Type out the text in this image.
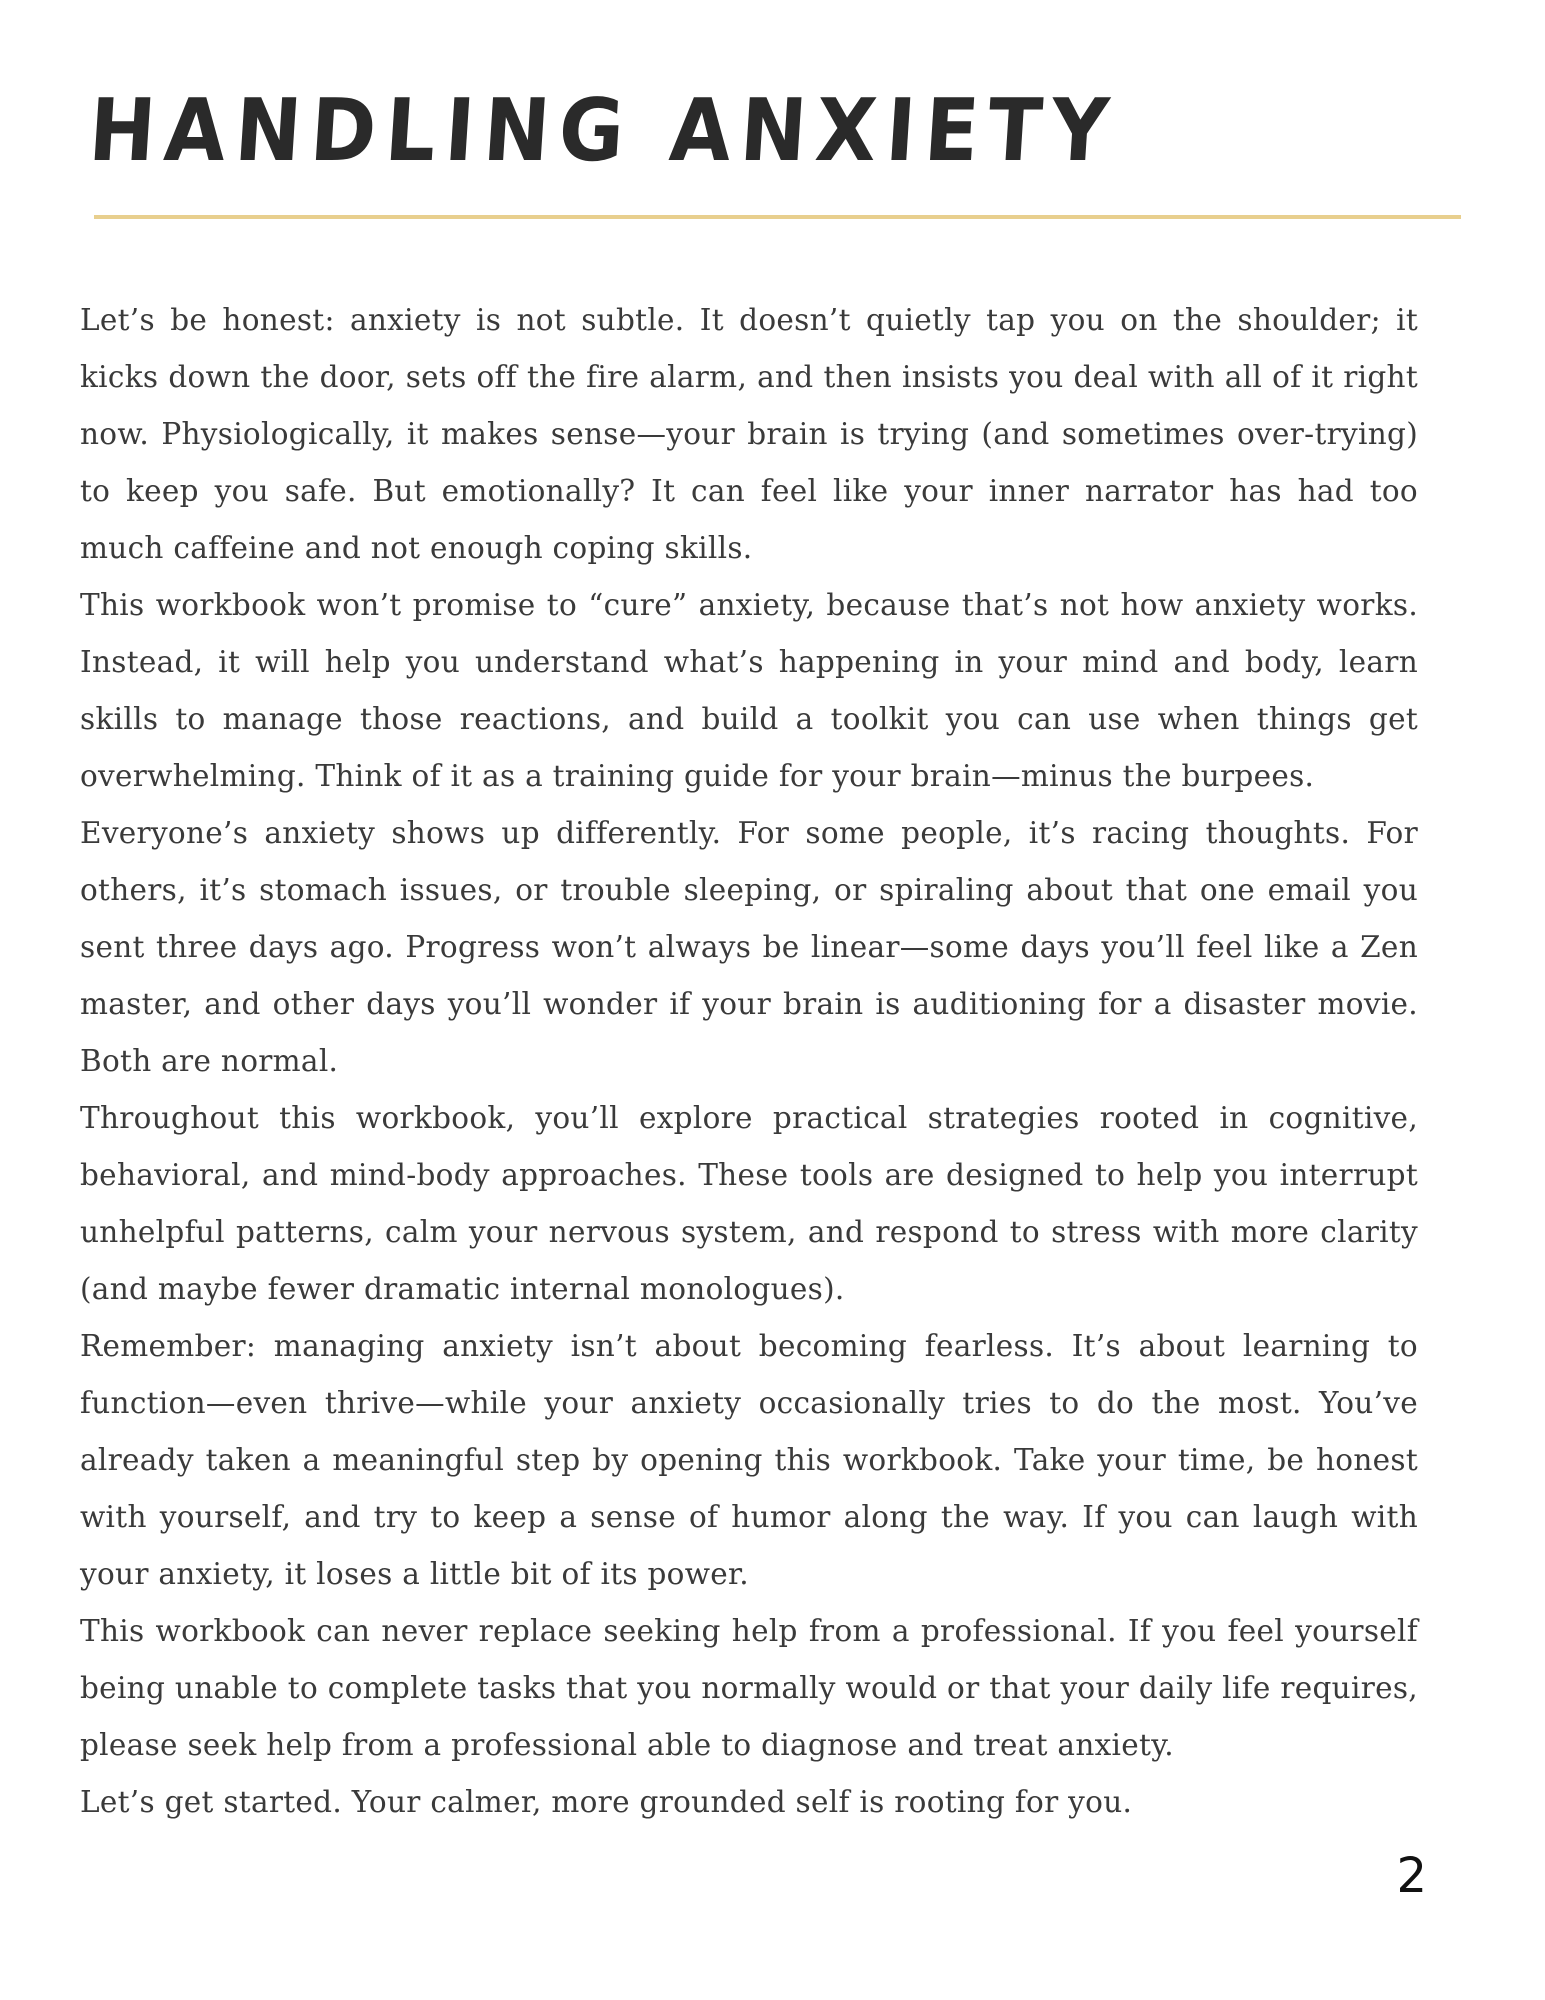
HANDLING ANXIETY

Let’s be honest: anxiety is not subtle. It doesn’t quietly tap you on the shoulder; it kicks down the door, sets off the fire alarm, and then insists you deal with all of it right now. Physiologically, it makes sense—your brain is trying (and sometimes over-trying) to keep you safe. But emotionally? It can feel like your inner narrator has had too much caffeine and not enough coping skills.

This workbook won’t promise to “cure” anxiety, because that’s not how anxiety works. Instead, it will help you understand what’s happening in your mind and body, learn skills to manage those reactions, and build a toolkit you can use when things get overwhelming. Think of it as a training guide for your brain—minus the burpees.

Everyone’s anxiety shows up differently. For some people, it’s racing thoughts. For others, it’s stomach issues, or trouble sleeping, or spiraling about that one email you sent three days ago. Progress won’t always be linear—some days you’ll feel like a Zen master, and other days you’ll wonder if your brain is auditioning for a disaster movie. Both are normal.

Throughout this workbook, you’ll explore practical strategies rooted in cognitive, behavioral, and mind-body approaches. These tools are designed to help you interrupt unhelpful patterns, calm your nervous system, and respond to stress with more clarity (and maybe fewer dramatic internal monologues).

Remember: managing anxiety isn’t about becoming fearless. It’s about learning to function—even thrive—while your anxiety occasionally tries to do the most. You’ve already taken a meaningful step by opening this workbook. Take your time, be honest with yourself, and try to keep a sense of humor along the way. If you can laugh with your anxiety, it loses a little bit of its power.

This workbook can never replace seeking help from a professional. If you feel yourself being unable to complete tasks that you normally would or that your daily life requires, please seek help from a professional able to diagnose and treat anxiety.

Let’s get started. Your calmer, more grounded self is rooting for you.

2
